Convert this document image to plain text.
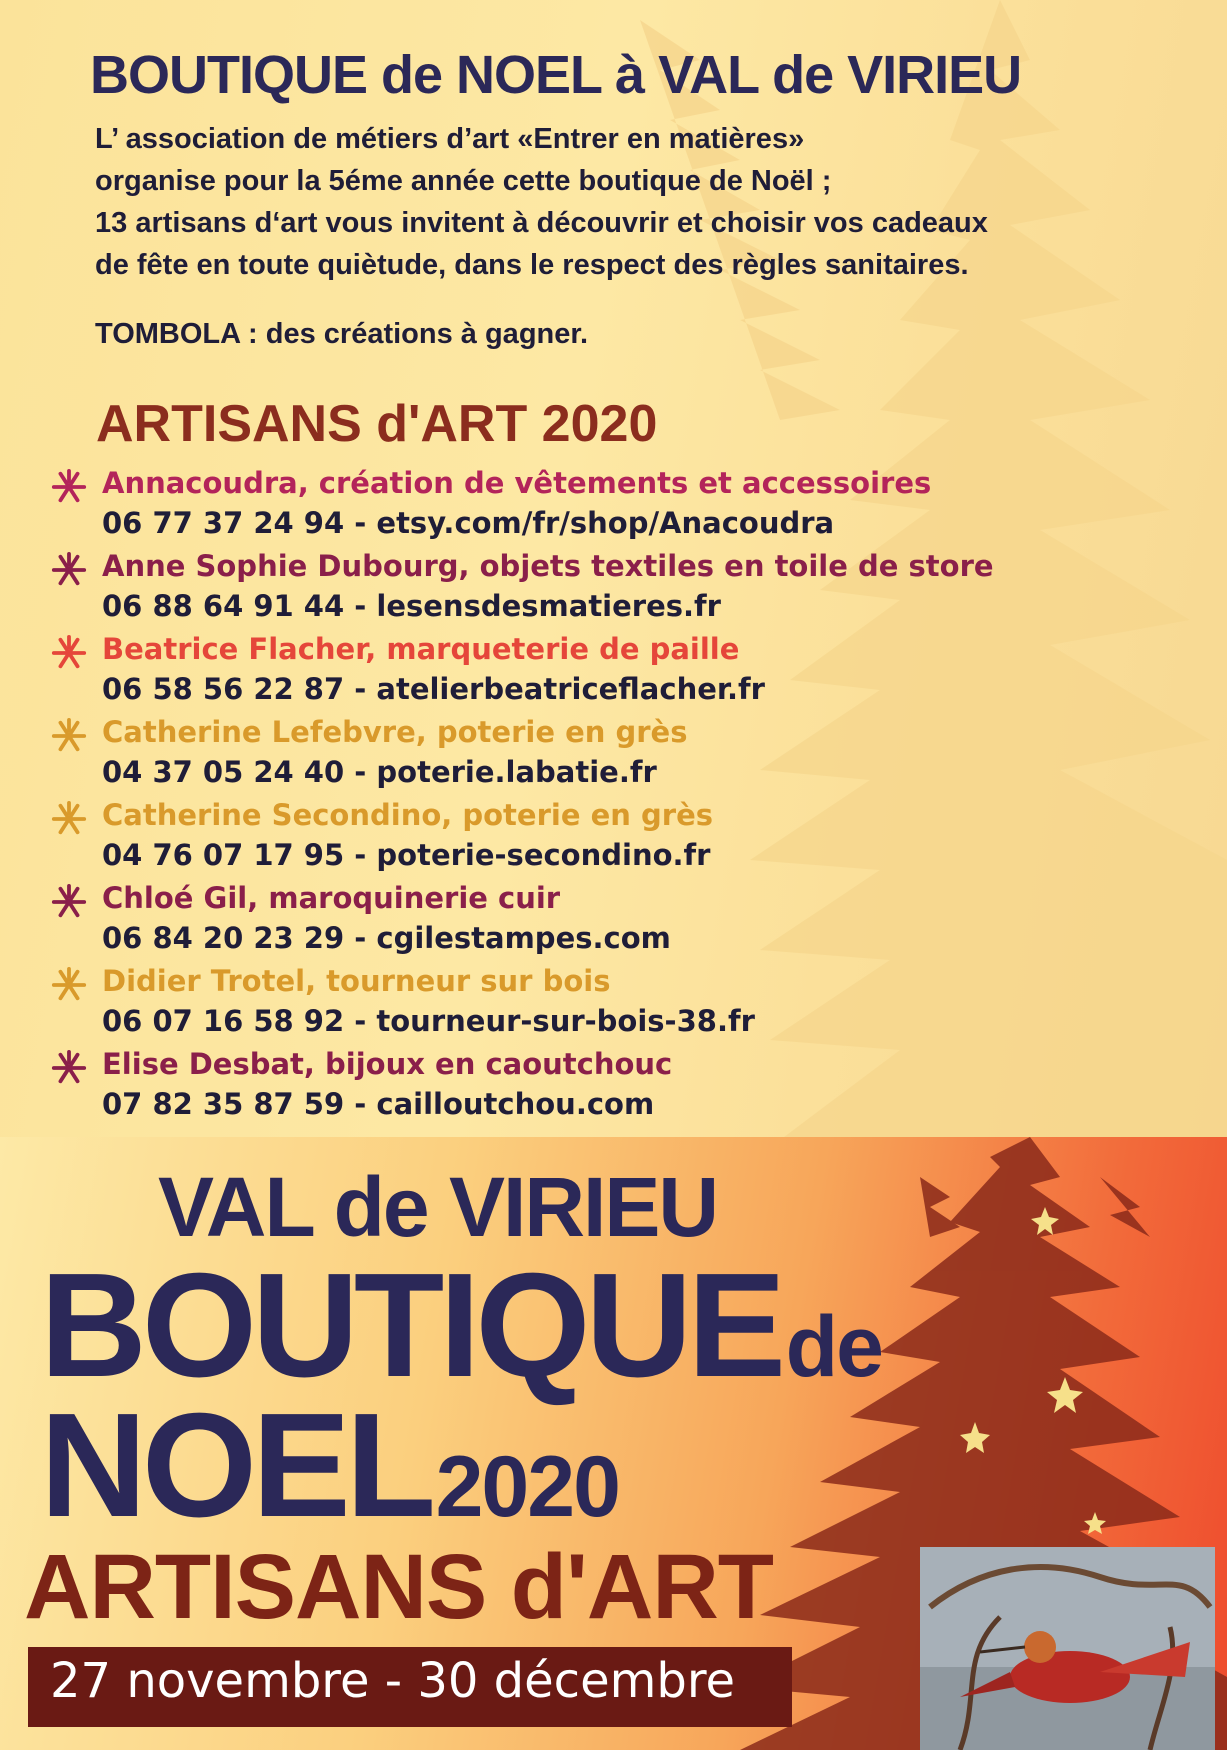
BOUTIQUE de NOEL à VAL de VIRIEU

L’ association de métiers d’art «Entrer en matières»

organise pour la 5éme année cette boutique de Noël ;

13 artisans d‘art vous invitent à découvrir et choisir vos cadeaux

de fête en toute quiètude, dans le respect des règles sanitaires.

TOMBOLA : des créations à gagner.

ARTISANS d'ART 2020
Annacoudra, création de vêtements et accessoires
06 77 37 24 94 - etsy.com/fr/shop/Anacoudra
Anne Sophie Dubourg, objets textiles en toile de store
06 88 64 91 44 - lesensdesmatieres.fr
Beatrice Flacher, marqueterie de paille
06 58 56 22 87 - atelierbeatriceflacher.fr
Catherine Lefebvre, poterie en grès
04 37 05 24 40 - poterie.labatie.fr
Catherine Secondino, poterie en grès
04 76 07 17 95 - poterie-secondino.fr
Chloé Gil, maroquinerie cuir
06 84 20 23 29 - cgilestampes.com
Didier Trotel, tourneur sur bois
06 07 16 58 92 - tourneur-sur-bois-38.fr
Elise Desbat, bijoux en caoutchouc
07 82 35 87 59 - cailloutchou.com
VAL de VIRIEU

BOUTIQUE de

NOEL 2020

ARTISANS d'ART

27 novembre - 30 décembre
